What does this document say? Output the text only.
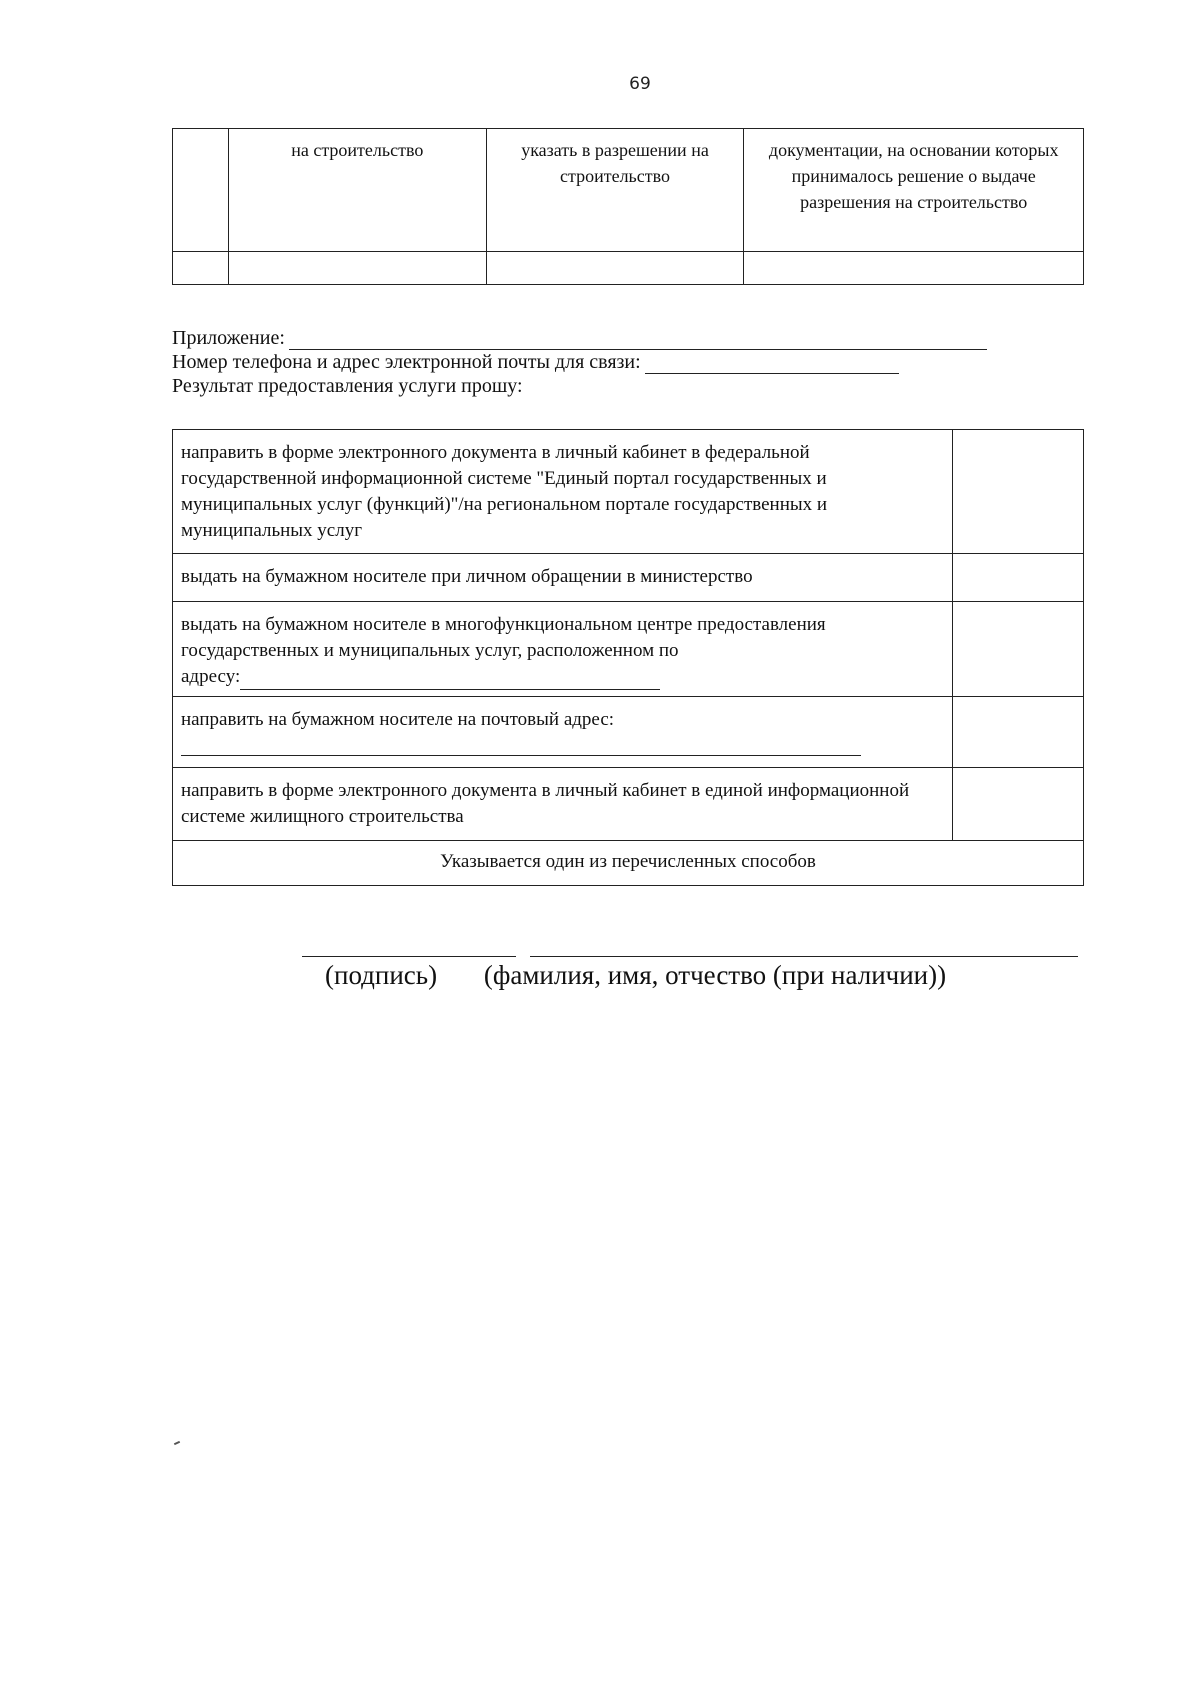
69
	на строительство	указать в разрешении на строительство	документации, на основании которых принималось решение о выдаче разрешения на строительство

Приложение:
Номер телефона и адрес электронной почты для связи:
Результат предоставления услуги прошу:
направить в форме электронного документа в личный кабинет в федеральной государственной информационной системе "Единый портал государственных и муниципальных услуг (функций)"/на региональном портале государственных и муниципальных услуг	
выдать на бумажном носителе при личном обращении в министерство	
выдать на бумажном носителе в многофункциональном центре предоставления государственных и муниципальных услуг, расположенном по
адресу:	

направить на бумажном носителе на почтовый адрес:	

направить в форме электронного документа в личный кабинет в единой информационной системе жилищного строительства	
Указывается один из перечисленных способов	
(подпись) (фамилия, имя, отчество (при наличии))
